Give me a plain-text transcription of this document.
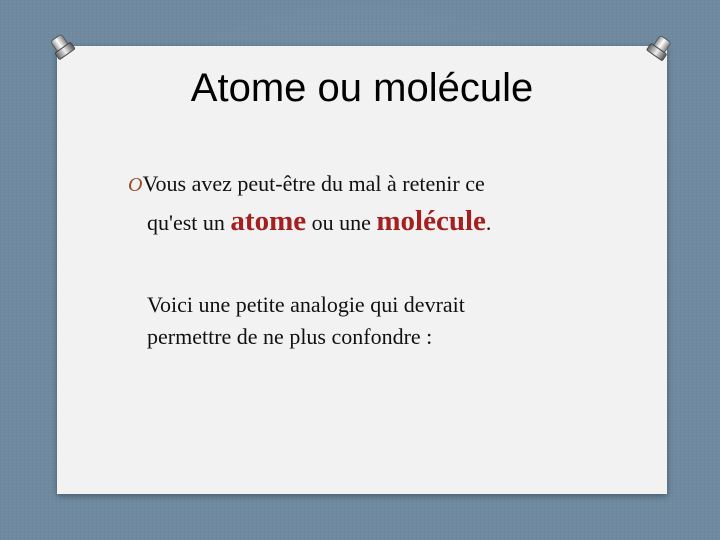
Atome ou molécule
OVous avez peut-être du mal à retenir ce
qu'est un atome ou une molécule.
Voici une petite analogie qui devrait
permettre de ne plus confondre :
